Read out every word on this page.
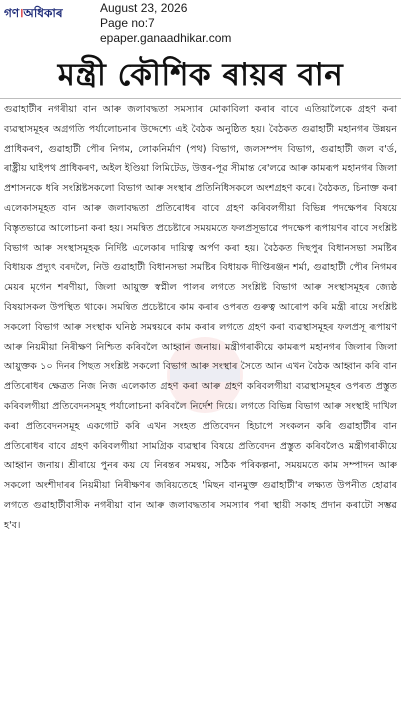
গণ।অধিকাৰ	August 23, 2026
Page no:7
epaper.ganaadhikar.com
মন্ত্ৰী কৌশিক ৰায়ৰ বান

গুৱাহাটীৰ নগৰীয়া বান আৰু জলাবদ্ধতা সমস্যাৰ মোকাবিলা কৰাৰ বাবে এতিয়ালৈকে গ্ৰহণ কৰা ব্যৱস্থাসমূহৰ অগ্ৰগতি পৰ্যালোচনাৰ উদ্দেশ্যে এই বৈঠক অনুষ্ঠিত হয়। বৈঠকত গুৱাহাটী মহানগৰ উন্নয়ন প্ৰাধিকৰণ, গুৱাহাটী পৌৰ নিগম, লোকনিৰ্মাণ (পথ) বিভাগ, জলসম্পদ বিভাগ, গুৱাহাটী জল ব'ৰ্ড, ৰাষ্ট্ৰীয় ঘাইপথ প্ৰাধিকৰণ, অইল ইণ্ডিয়া লিমিটেড, উত্তৰ-পূৱ সীমান্ত ৰে'লৱে আৰু কামৰূপ মহানগৰ জিলা প্ৰশাসনকে ধৰি সংশ্লিষ্টসকলো বিভাগ আৰু সংস্থাৰ প্ৰতিনিধিসকলে অংশগ্ৰহণ কৰে। বৈঠকত, চিনাক্ত কৰা এলেকাসমূহত বান আৰু জলাবদ্ধতা প্ৰতিৰোধৰ বাবে গ্ৰহণ কৰিবলগীয়া বিভিন্ন পদক্ষেপৰ বিষয়ে বিস্তৃতভাৱে আলোচনা কৰা হয়। সমন্বিত প্ৰচেষ্টাৰে সময়মতে ফলপ্ৰসূভাৱে পদক্ষেপ ৰূপায়ণৰ বাবে সংশ্লিষ্ট বিভাগ আৰু সংস্থাসমূহক নিৰ্দিষ্ট এলেকাৰ দায়িত্ব অৰ্পণ কৰা হয়। বৈঠকত দিছপুৰ বিধানসভা সমষ্টিৰ বিধায়ক প্ৰদ্যুৎ বৰদলৈ, নিউ গুৱাহাটী বিধানসভা সমষ্টিৰ বিধায়ক দীপ্তিৰঞ্জন শৰ্মা, গুৱাহাটী পৌৰ নিগমৰ মেয়ৰ মৃগেন শৰণীয়া, জিলা আয়ুক্ত স্বপ্নীল পালৰ লগতে সংশ্লিষ্ট বিভাগ আৰু সংস্থাসমূহৰ জ্যেষ্ঠ বিষয়াসকল উপস্থিত থাকে। সমন্বিত প্ৰচেষ্টাৰে কাম কৰাৰ ওপৰত গুৰুত্ব আৰোপ কৰি মন্ত্ৰী ৰায়ে সংশ্লিষ্ট সকলো বিভাগ আৰু সংস্থাক ঘনিষ্ঠ সমন্বয়ৰে কাম কৰাৰ লগতে গ্ৰহণ কৰা ব্যৱস্থাসমূহৰ ফলপ্ৰসূ ৰূপায়ণ আৰু নিয়মীয়া নিৰীক্ষণ নিশ্চিত কৰিবলৈ আহ্বান জনায়। মন্ত্ৰীগৰাকীয়ে কামৰূপ মহানগৰ জিলাৰ জিলা আয়ুক্তক ১০ দিনৰ পিছত সংশ্লিষ্ট সকলো বিভাগ আৰু সংস্থাৰ সৈতে আন এখন বৈঠক আহ্বান কৰি বান প্ৰতিৰোধৰ ক্ষেত্ৰত নিজ নিজ এলেকাত গ্ৰহণ কৰা আৰু গ্ৰহণ কৰিবলগীয়া ব্যৱস্থাসমূহৰ ওপৰত প্ৰস্তুত কৰিবলগীয়া প্ৰতিবেদনসমূহ পৰ্যালোচনা কৰিবলৈ নিৰ্দেশ দিয়ে। লগতে বিভিন্ন বিভাগ আৰু সংস্থাই দাখিল কৰা প্ৰতিবেদনসমূহ একগোট কৰি এখন সংহত প্ৰতিবেদন হিচাপে সংকলন কৰি গুৱাহাটীৰ বান প্ৰতিৰোধৰ বাবে গ্ৰহণ কৰিবলগীয়া সামগ্ৰিক ব্যৱস্থাৰ বিষয়ে প্ৰতিবেদন প্ৰস্তুত কৰিবলৈও মন্ত্ৰীগৰাকীয়ে আহ্বান জনায়। শ্ৰীৰায়ে পুনৰ কয় যে নিৰন্তৰ সমন্বয়, সঠিক পৰিকল্পনা, সময়মতে কাম সম্পাদন আৰু সকলো অংশীদাৰৰ নিয়মীয়া নিৰীক্ষণৰ জৰিয়তেহে 'মিছন বানমুক্ত গুৱাহাটী'ৰ লক্ষ্যত উপনীত হোৱাৰ লগতে গুৱাহাটীবাসীক নগৰীয়া বান আৰু জলাবদ্ধতাৰ সমস্যাৰ পৰা স্থায়ী সকাহ প্ৰদান কৰাটো সম্ভৱ হ'ব।
